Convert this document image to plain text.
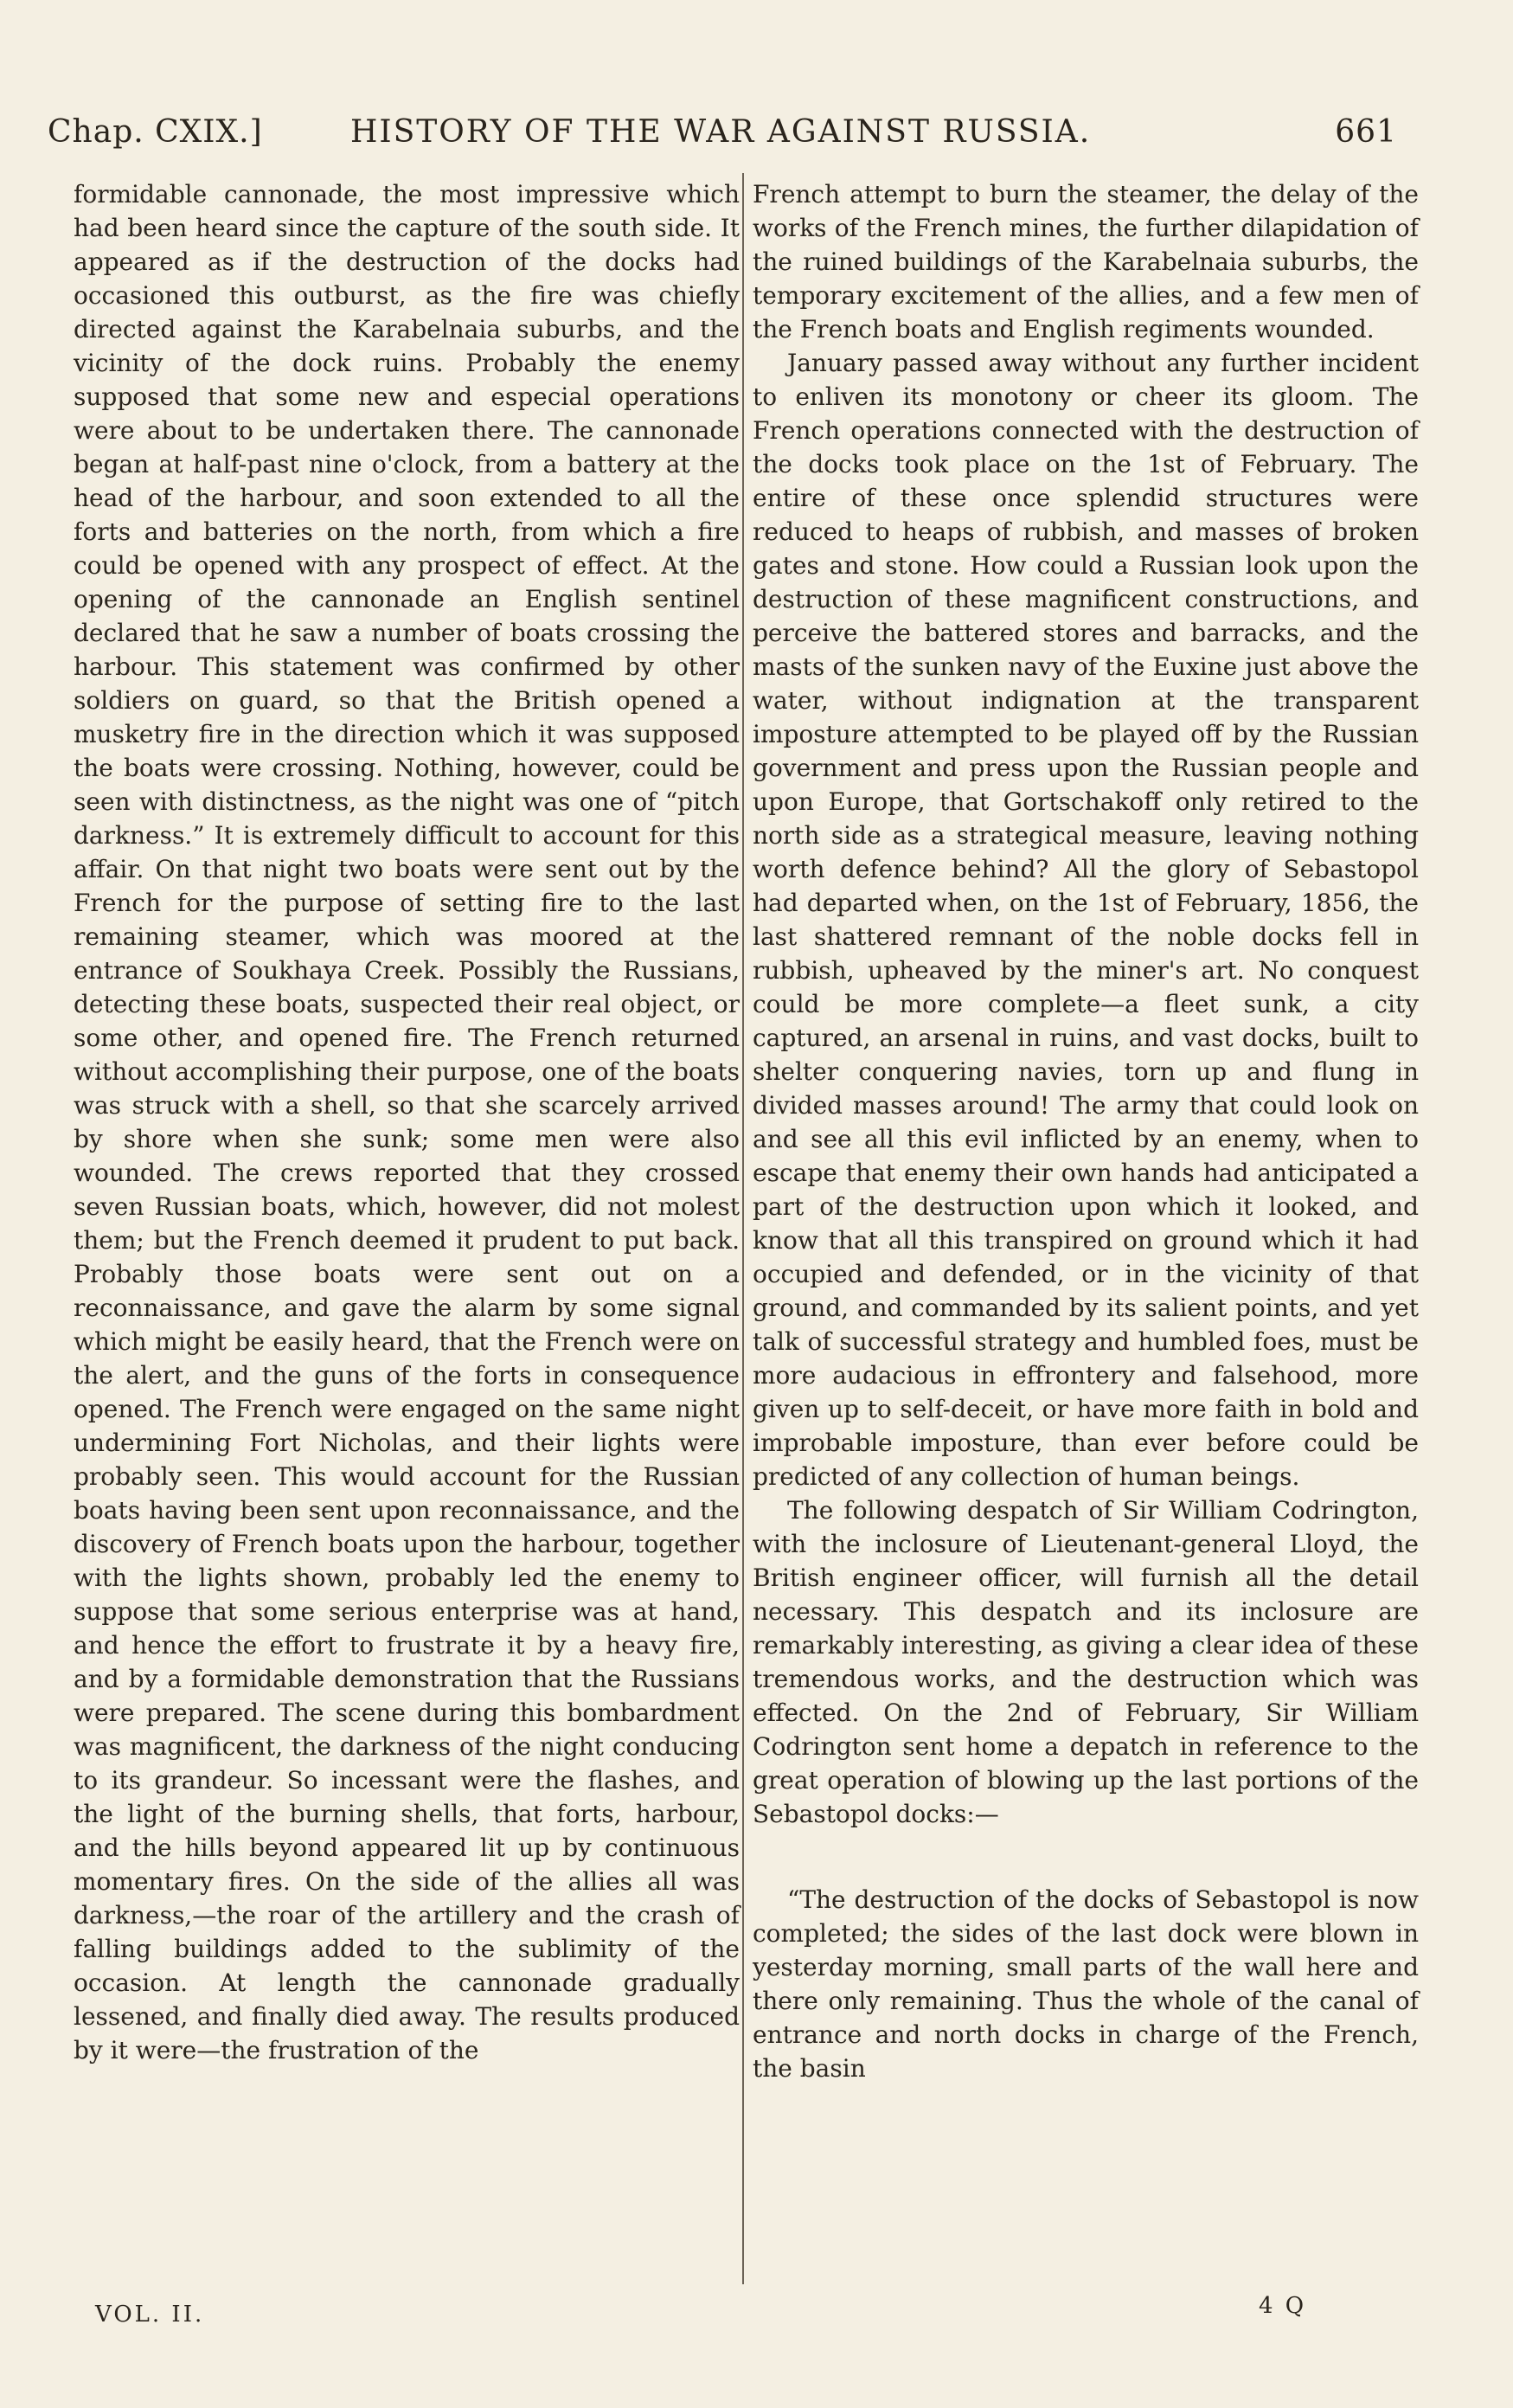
Chap. CXIX.]	HISTORY OF THE WAR AGAINST RUSSIA.	661

formidable cannonade, the most impressive which had been heard since the capture of the south side. It appeared as if the destruction of the docks had occasioned this outburst, as the fire was chiefly directed against the Karabelnaia suburbs, and the vicinity of the dock ruins. Probably the enemy supposed that some new and especial operations were about to be undertaken there. The cannonade began at half-past nine o'clock, from a battery at the head of the harbour, and soon extended to all the forts and batteries on the north, from which a fire could be opened with any prospect of effect. At the opening of the cannonade an English sentinel declared that he saw a number of boats crossing the harbour. This statement was confirmed by other soldiers on guard, so that the British opened a musketry fire in the direction which it was supposed the boats were crossing. Nothing, however, could be seen with distinctness, as the night was one of “pitch darkness.” It is extremely difficult to account for this affair. On that night two boats were sent out by the French for the purpose of setting fire to the last remaining steamer, which was moored at the entrance of Soukhaya Creek. Possibly the Russians, detecting these boats, suspected their real object, or some other, and opened fire. The French returned without accomplishing their purpose, one of the boats was struck with a shell, so that she scarcely arrived by shore when she sunk; some men were also wounded. The crews reported that they crossed seven Russian boats, which, however, did not molest them; but the French deemed it prudent to put back. Probably those boats were sent out on a reconnaissance, and gave the alarm by some signal which might be easily heard, that the French were on the alert, and the guns of the forts in consequence opened. The French were engaged on the same night undermining Fort Nicholas, and their lights were probably seen. This would account for the Russian boats having been sent upon reconnaissance, and the discovery of French boats upon the harbour, together with the lights shown, probably led the enemy to suppose that some serious enterprise was at hand, and hence the effort to frustrate it by a heavy fire, and by a formidable demonstration that the Russians were prepared. The scene during this bombardment was magnificent, the darkness of the night conducing to its grandeur. So incessant were the flashes, and the light of the burning shells, that forts, harbour, and the hills beyond appeared lit up by continuous momentary fires. On the side of the allies all was darkness,—the roar of the artillery and the crash of falling buildings added to the sublimity of the occasion. At length the cannonade gradually lessened, and finally died away. The results produced by it were—the frustration of the

French attempt to burn the steamer, the delay of the works of the French mines, the further dilapidation of the ruined buildings of the Karabelnaia suburbs, the temporary excitement of the allies, and a few men of the French boats and English regiments wounded.

January passed away without any further incident to enliven its monotony or cheer its gloom. The French operations connected with the destruction of the docks took place on the 1st of February. The entire of these once splendid structures were reduced to heaps of rubbish, and masses of broken gates and stone. How could a Russian look upon the destruction of these magnificent constructions, and perceive the battered stores and barracks, and the masts of the sunken navy of the Euxine just above the water, without indignation at the transparent imposture attempted to be played off by the Russian government and press upon the Russian people and upon Europe, that Gortschakoff only retired to the north side as a strategical measure, leaving nothing worth defence behind? All the glory of Sebastopol had departed when, on the 1st of February, 1856, the last shattered remnant of the noble docks fell in rubbish, upheaved by the miner's art. No conquest could be more complete—a fleet sunk, a city captured, an arsenal in ruins, and vast docks, built to shelter conquering navies, torn up and flung in divided masses around! The army that could look on and see all this evil inflicted by an enemy, when to escape that enemy their own hands had anticipated a part of the destruction upon which it looked, and know that all this transpired on ground which it had occupied and defended, or in the vicinity of that ground, and commanded by its salient points, and yet talk of successful strategy and humbled foes, must be more audacious in effrontery and falsehood, more given up to self-deceit, or have more faith in bold and improbable imposture, than ever before could be predicted of any collection of human beings.

The following despatch of Sir William Codrington, with the inclosure of Lieutenant-general Lloyd, the British engineer officer, will furnish all the detail necessary. This despatch and its inclosure are remarkably interesting, as giving a clear idea of these tremendous works, and the destruction which was effected. On the 2nd of February, Sir William Codrington sent home a depatch in reference to the great operation of blowing up the last portions of the Sebastopol docks:—

“The destruction of the docks of Sebastopol is now completed; the sides of the last dock were blown in yesterday morning, small parts of the wall here and there only remaining. Thus the whole of the canal of entrance and north docks in charge of the French, the basin

VOL. II.	4 Q
